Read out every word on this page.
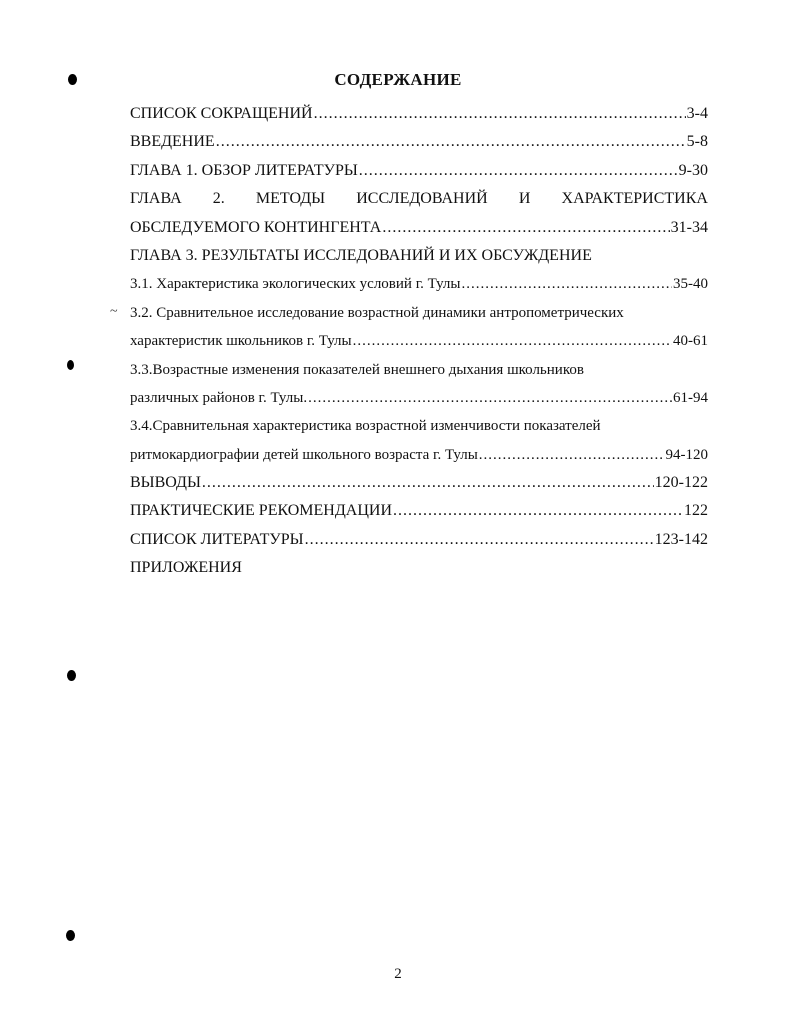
~
СОДЕРЖАНИЕ
СПИСОК СОКРАЩЕНИЙ .....	3-4
ВВЕДЕНИЕ .....	5-8
ГЛАВА 1. ОБЗОР ЛИТЕРАТУРЫ .....	9-30
ГЛАВА 2. МЕТОДЫ ИССЛЕДОВАНИЙ И ХАРАКТЕРИСТИКА
ОБСЛЕДУЕМОГО КОНТИНГЕНТА .....	31-34
ГЛАВА 3. РЕЗУЛЬТАТЫ ИССЛЕДОВАНИЙ И ИХ ОБСУЖДЕНИЕ
3.1. Характеристика экологических условий г. Тулы .....	35-40
3.2. Сравнительное исследование возрастной динамики антропометрических
характеристик школьников г. Тулы .....	40-61
3.3.Возрастные изменения показателей внешнего дыхания школьников
различных районов г. Тулы. .....	61-94
3.4.Сравнительная характеристика возрастной изменчивости показателей
ритмокардиографии детей школьного возраста г. Тулы .....	94-120
ВЫВОДЫ .....	120-122
ПРАКТИЧЕСКИЕ РЕКОМЕНДАЦИИ .....	122
СПИСОК ЛИТЕРАТУРЫ .....	123-142
ПРИЛОЖЕНИЯ
2
